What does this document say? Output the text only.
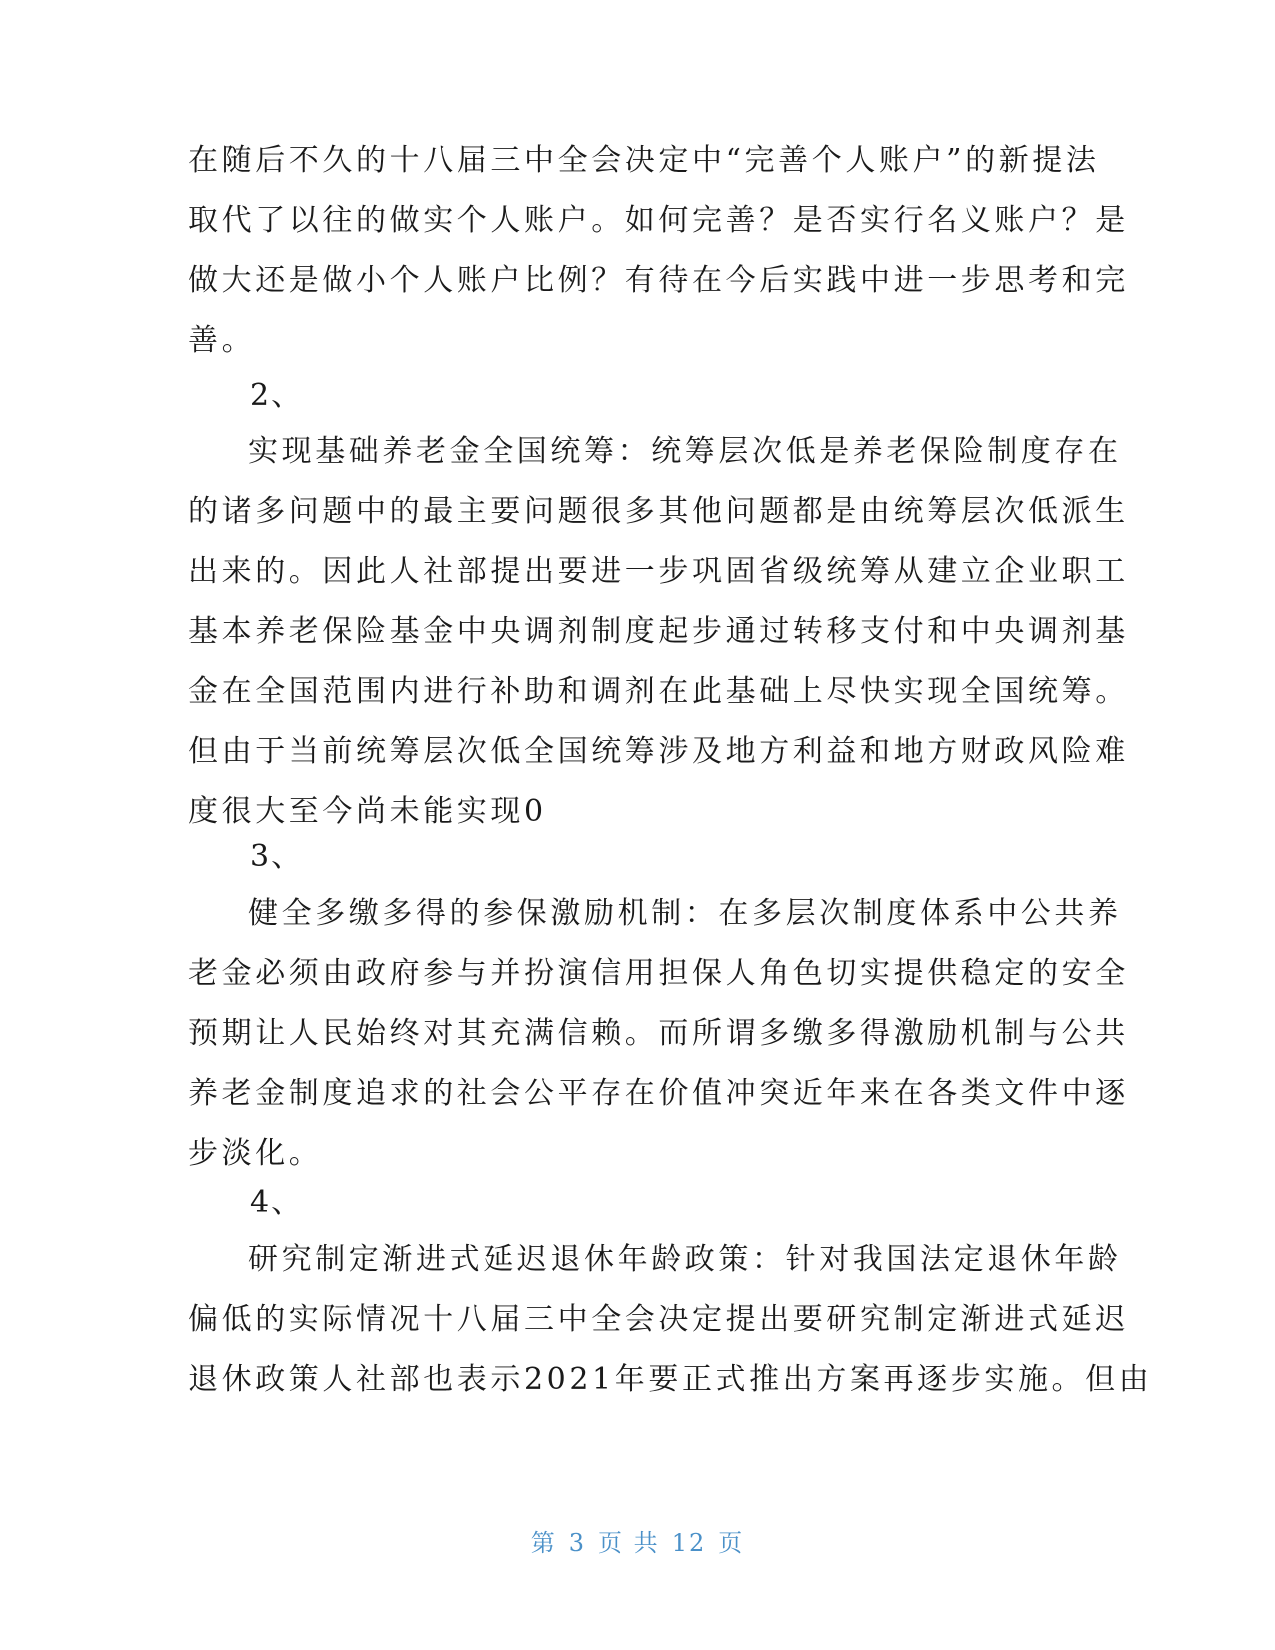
在随后不久的十八届三中全会决定中“完善个人账户”的新提法
取代了以往的做实个人账户。如何完善？是否实行名义账户？是
做大还是做小个人账户比例？有待在今后实践中进一步思考和完
善。
2、
实现基础养老金全国统筹：统筹层次低是养老保险制度存在
的诸多问题中的最主要问题很多其他问题都是由统筹层次低派生
出来的。因此人社部提出要进一步巩固省级统筹从建立企业职工
基本养老保险基金中央调剂制度起步通过转移支付和中央调剂基
金在全国范围内进行补助和调剂在此基础上尽快实现全国统筹。
但由于当前统筹层次低全国统筹涉及地方利益和地方财政风险难
度很大至今尚未能实现0
3、
健全多缴多得的参保激励机制：在多层次制度体系中公共养
老金必须由政府参与并扮演信用担保人角色切实提供稳定的安全
预期让人民始终对其充满信赖。而所谓多缴多得激励机制与公共
养老金制度追求的社会公平存在价值冲突近年来在各类文件中逐
步淡化。
4、
研究制定渐进式延迟退休年龄政策：针对我国法定退休年龄
偏低的实际情况十八届三中全会决定提出要研究制定渐进式延迟
退休政策人社部也表示2021年要正式推出方案再逐步实施。但由
第 3 页 共 12 页
